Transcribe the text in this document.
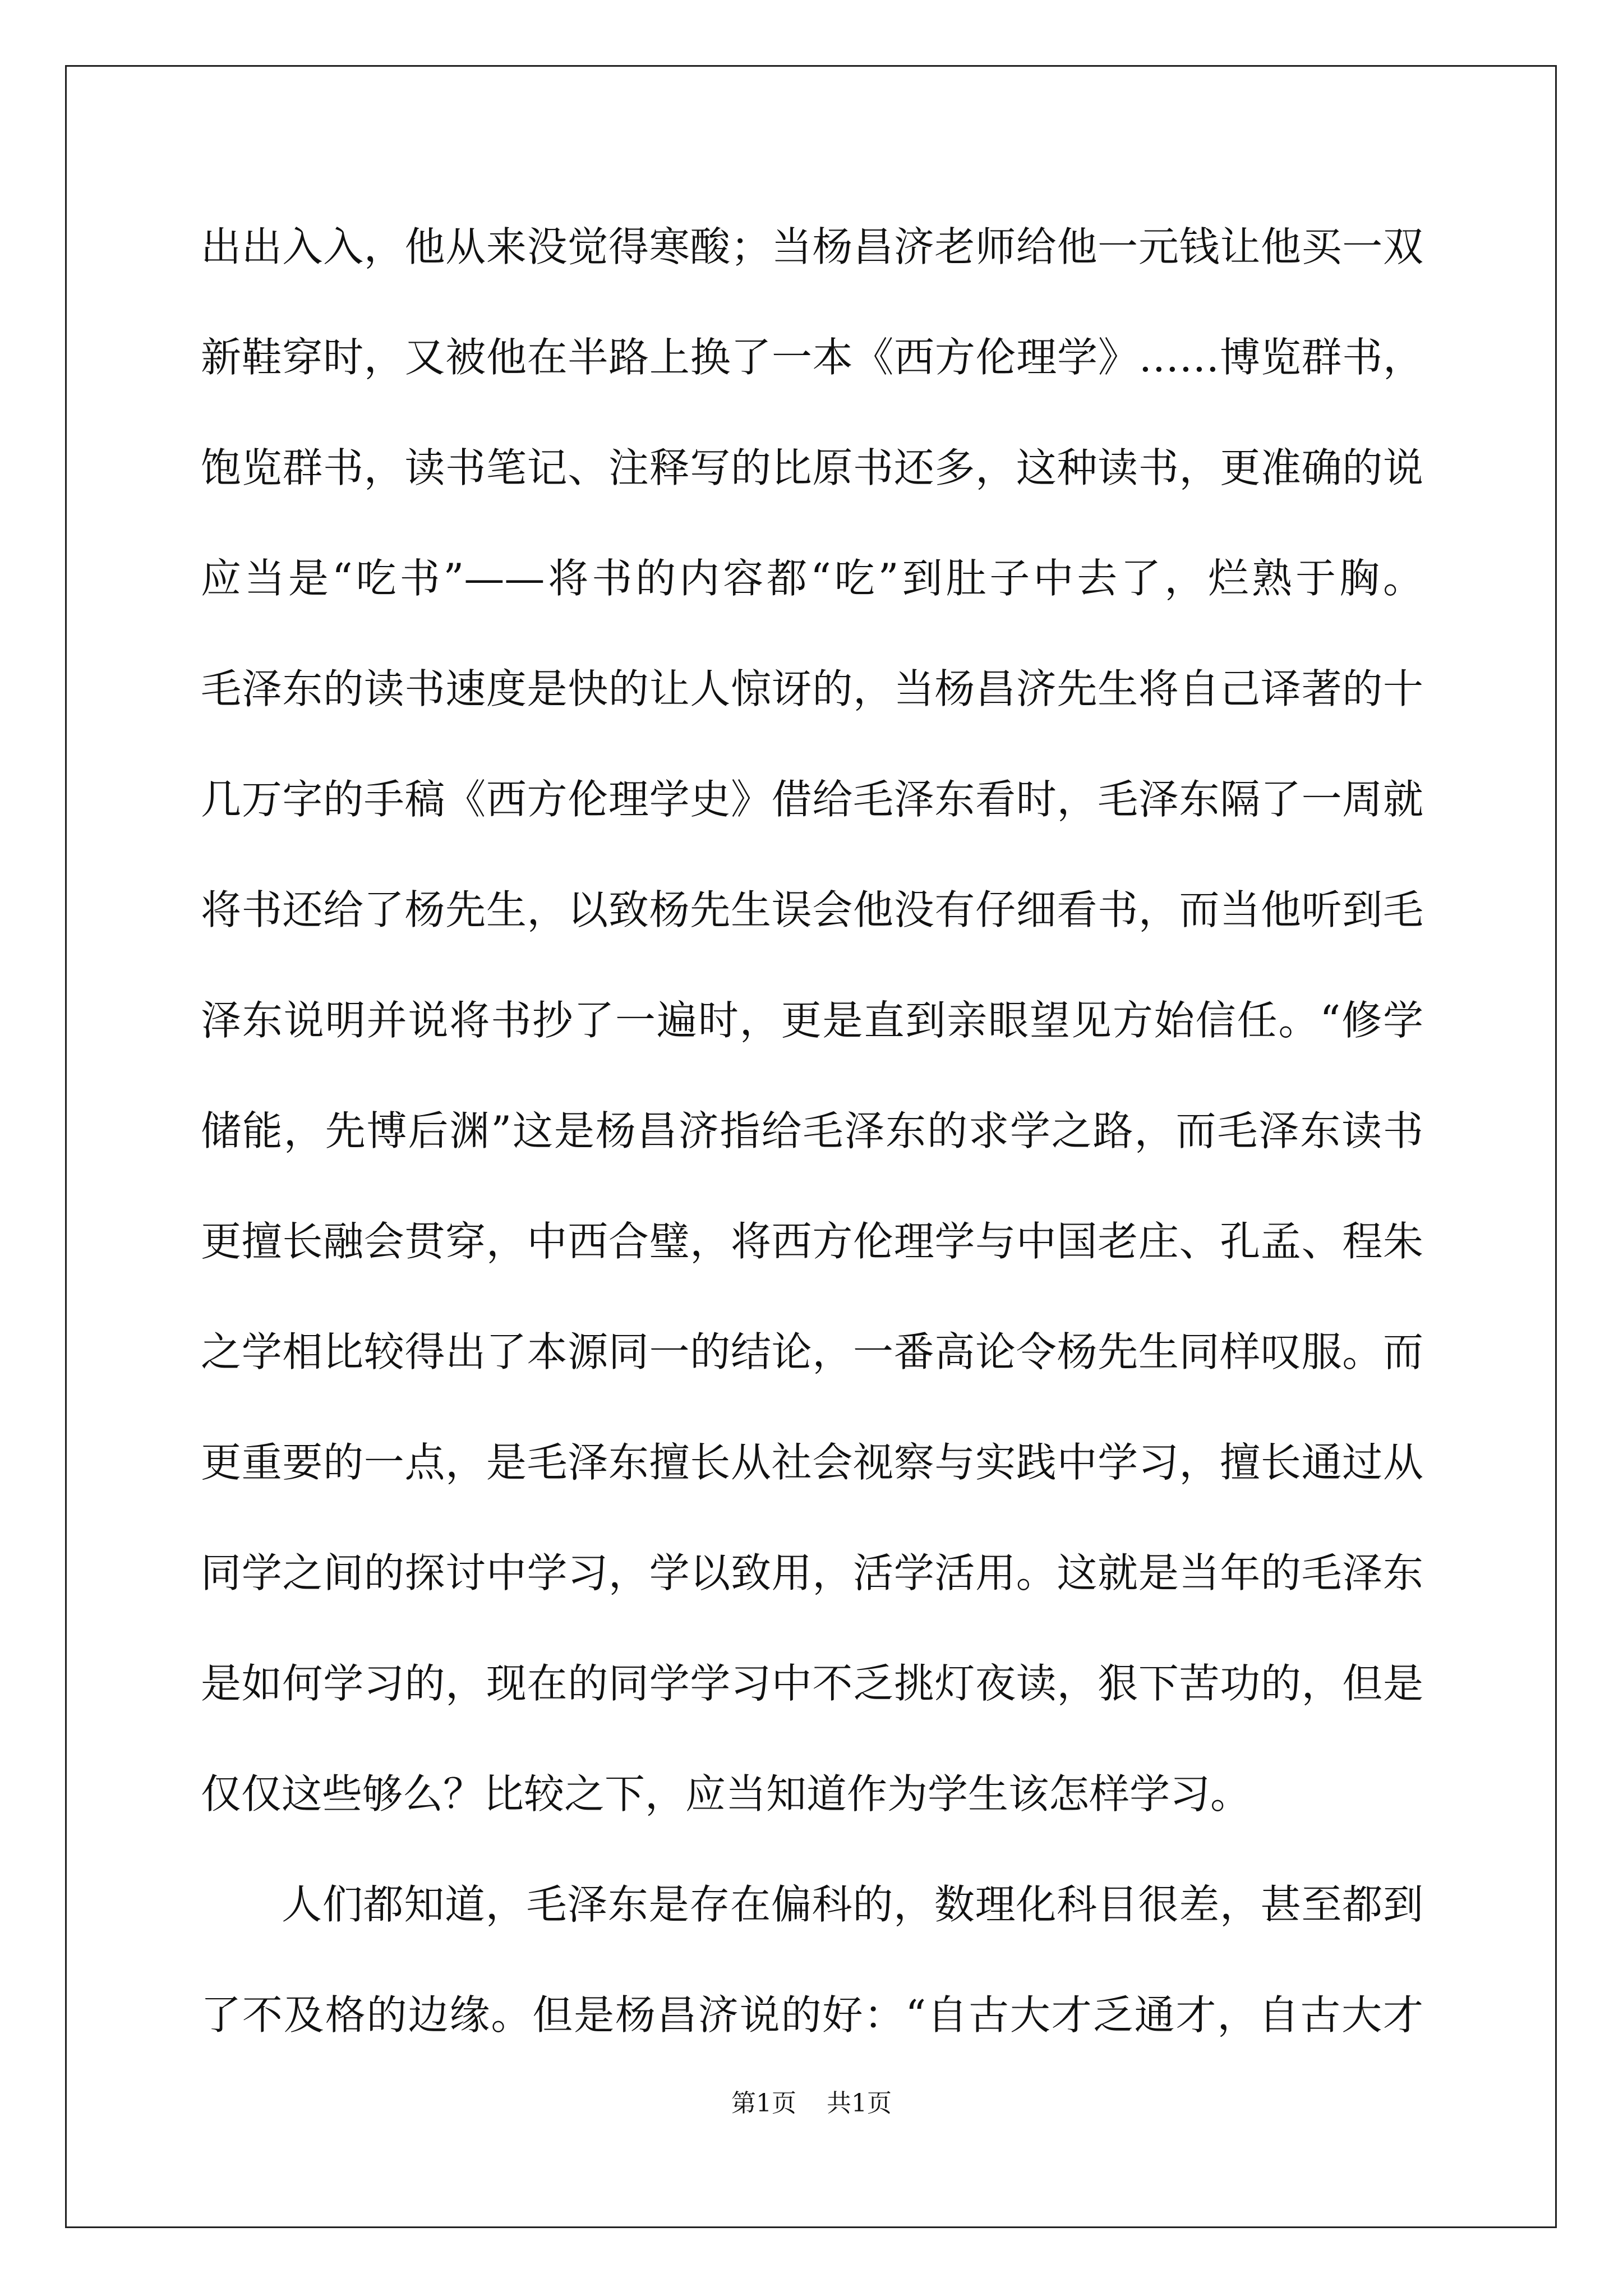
出出入入，他从来没觉得寒酸；当杨昌济老师给他一元钱让他买一双
新鞋穿时，又被他在半路上换了一本《西方伦理学》……博览群书，
饱览群书，读书笔记、注释写的比原书还多，这种读书，更准确的说
应当是“吃书”——将书的内容都“吃”到肚子中去了，烂熟于胸。
毛泽东的读书速度是快的让人惊讶的，当杨昌济先生将自己译著的十
几万字的手稿《西方伦理学史》借给毛泽东看时，毛泽东隔了一周就
将书还给了杨先生，以致杨先生误会他没有仔细看书，而当他听到毛
泽东说明并说将书抄了一遍时，更是直到亲眼望见方始信任。“修学
储能，先博后渊”这是杨昌济指给毛泽东的求学之路，而毛泽东读书
更擅长融会贯穿，中西合璧，将西方伦理学与中国老庄、孔孟、程朱
之学相比较得出了本源同一的结论，一番高论令杨先生同样叹服。而
更重要的一点，是毛泽东擅长从社会视察与实践中学习，擅长通过从
同学之间的探讨中学习，学以致用，活学活用。这就是当年的毛泽东
是如何学习的，现在的同学学习中不乏挑灯夜读，狠下苦功的，但是
仅仅这些够么？比较之下，应当知道作为学生该怎样学习。
人们都知道，毛泽东是存在偏科的，数理化科目很差，甚至都到
了不及格的边缘。但是杨昌济说的好：“自古大才乏通才，自古大才
第1页 共1页
